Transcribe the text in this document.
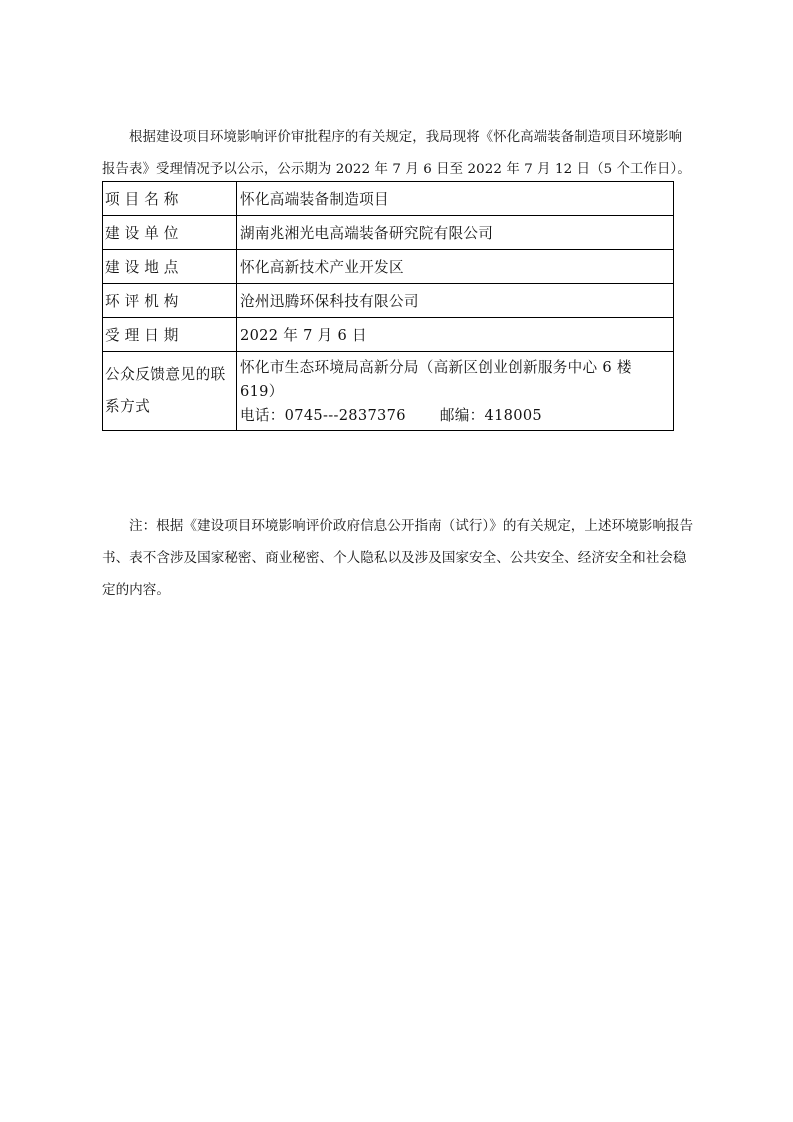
根据建设项目环境影响评价审批程序的有关规定，我局现将《怀化高端装备制造项目环境影响报告表》受理情况予以公示，公示期为 2022 年 7 月 6 日至 2022 年 7 月 12 日（5 个工作日）。

项目名称	怀化高端装备制造项目
建设单位	湖南兆湘光电高端装备研究院有限公司
建设地点	怀化高新技术产业开发区
环评机构	沧州迅腾环保科技有限公司
受理日期	2022 年 7 月 6 日
公众反馈意见的联系方式	怀化市生态环境局高新分局（高新区创业创新服务中心 6 楼 619）
电话：0745---2837376 邮编：418005

注：根据《建设项目环境影响评价政府信息公开指南（试行）》的有关规定，上述环境影响报告书、表不含涉及国家秘密、商业秘密、个人隐私以及涉及国家安全、公共安全、经济安全和社会稳定的内容。
